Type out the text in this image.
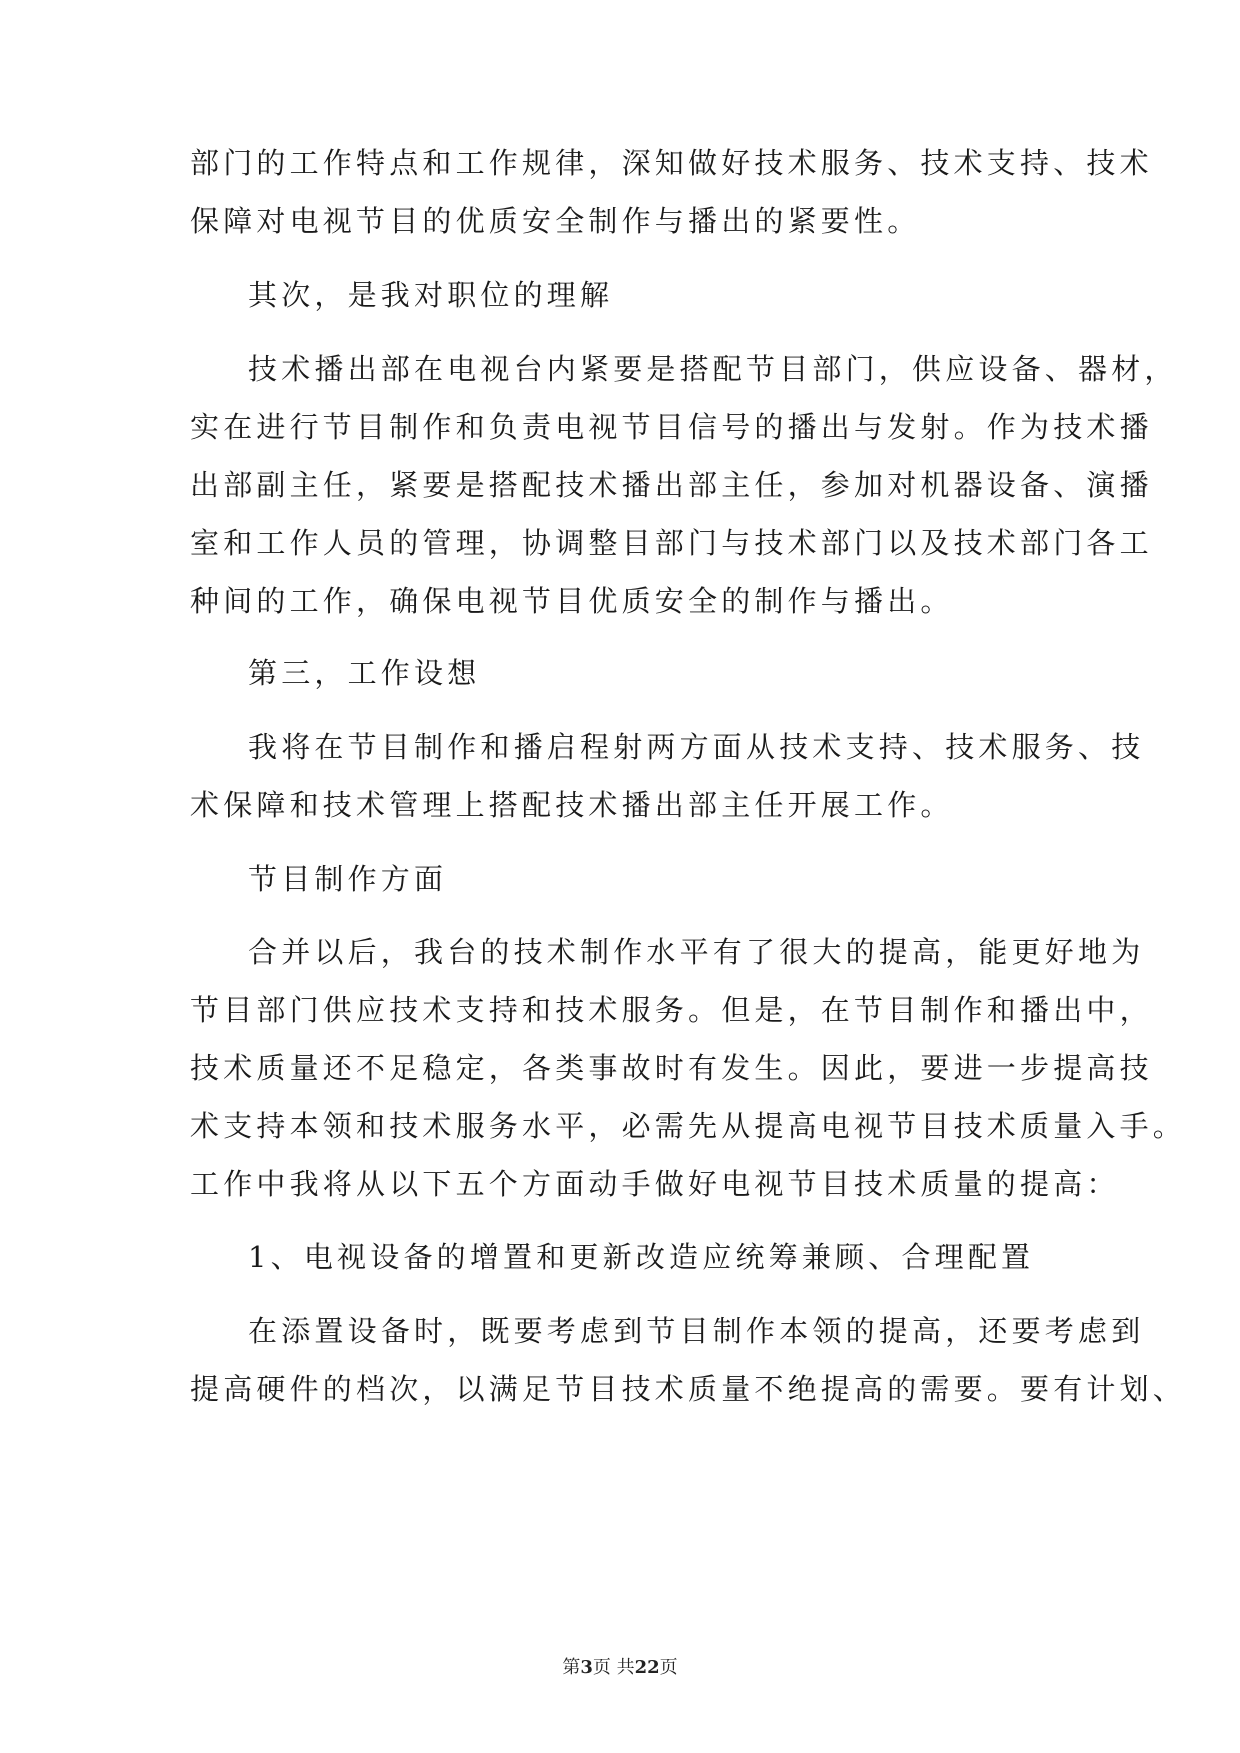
部门的工作特点和工作规律，深知做好技术服务、技术支持、技术
保障对电视节目的优质安全制作与播出的紧要性。
其次，是我对职位的理解
技术播出部在电视台内紧要是搭配节目部门，供应设备、器材，
实在进行节目制作和负责电视节目信号的播出与发射。作为技术播
出部副主任，紧要是搭配技术播出部主任，参加对机器设备、演播
室和工作人员的管理，协调整目部门与技术部门以及技术部门各工
种间的工作，确保电视节目优质安全的制作与播出。
第三，工作设想
我将在节目制作和播启程射两方面从技术支持、技术服务、技
术保障和技术管理上搭配技术播出部主任开展工作。
节目制作方面
合并以后，我台的技术制作水平有了很大的提高，能更好地为
节目部门供应技术支持和技术服务。但是，在节目制作和播出中，
技术质量还不足稳定，各类事故时有发生。因此，要进一步提高技
术支持本领和技术服务水平，必需先从提高电视节目技术质量入手。
工作中我将从以下五个方面动手做好电视节目技术质量的提高：
1、电视设备的增置和更新改造应统筹兼顾、合理配置
在添置设备时，既要考虑到节目制作本领的提高，还要考虑到
提高硬件的档次，以满足节目技术质量不绝提高的需要。要有计划、
第3页 共22页
